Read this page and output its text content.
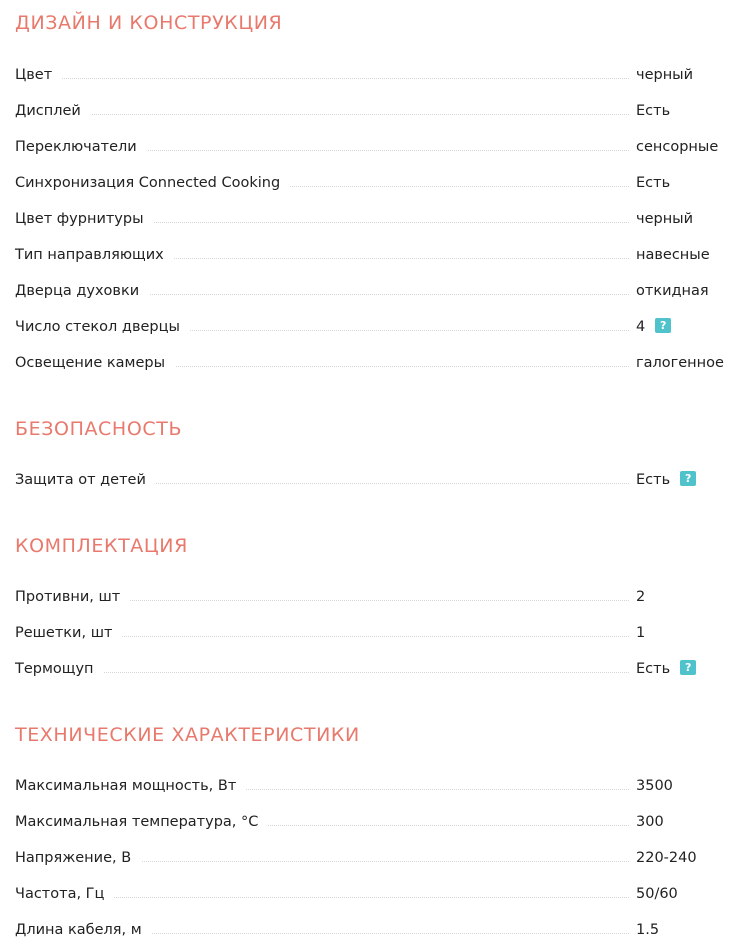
ДИЗАЙН И КОНСТРУКЦИЯ
Цвет	черный
Дисплей	Есть
Переключатели	сенсорные
Синхронизация Connected Cooking	Есть
Цвет фурнитуры	черный
Тип направляющих	навесные
Дверца духовки	откидная
Число стекол дверцы	4 ?
Освещение камеры	галогенное
БЕЗОПАСНОСТЬ
Защита от детей	Есть ?
КОМПЛЕКТАЦИЯ
Противни, шт	2
Решетки, шт	1
Термощуп	Есть ?
ТЕХНИЧЕСКИЕ ХАРАКТЕРИСТИКИ
Максимальная мощность, Вт	3500
Максимальная температура, °С	300
Напряжение, В	220-240
Частота, Гц	50/60
Длина кабеля, м	1.5
